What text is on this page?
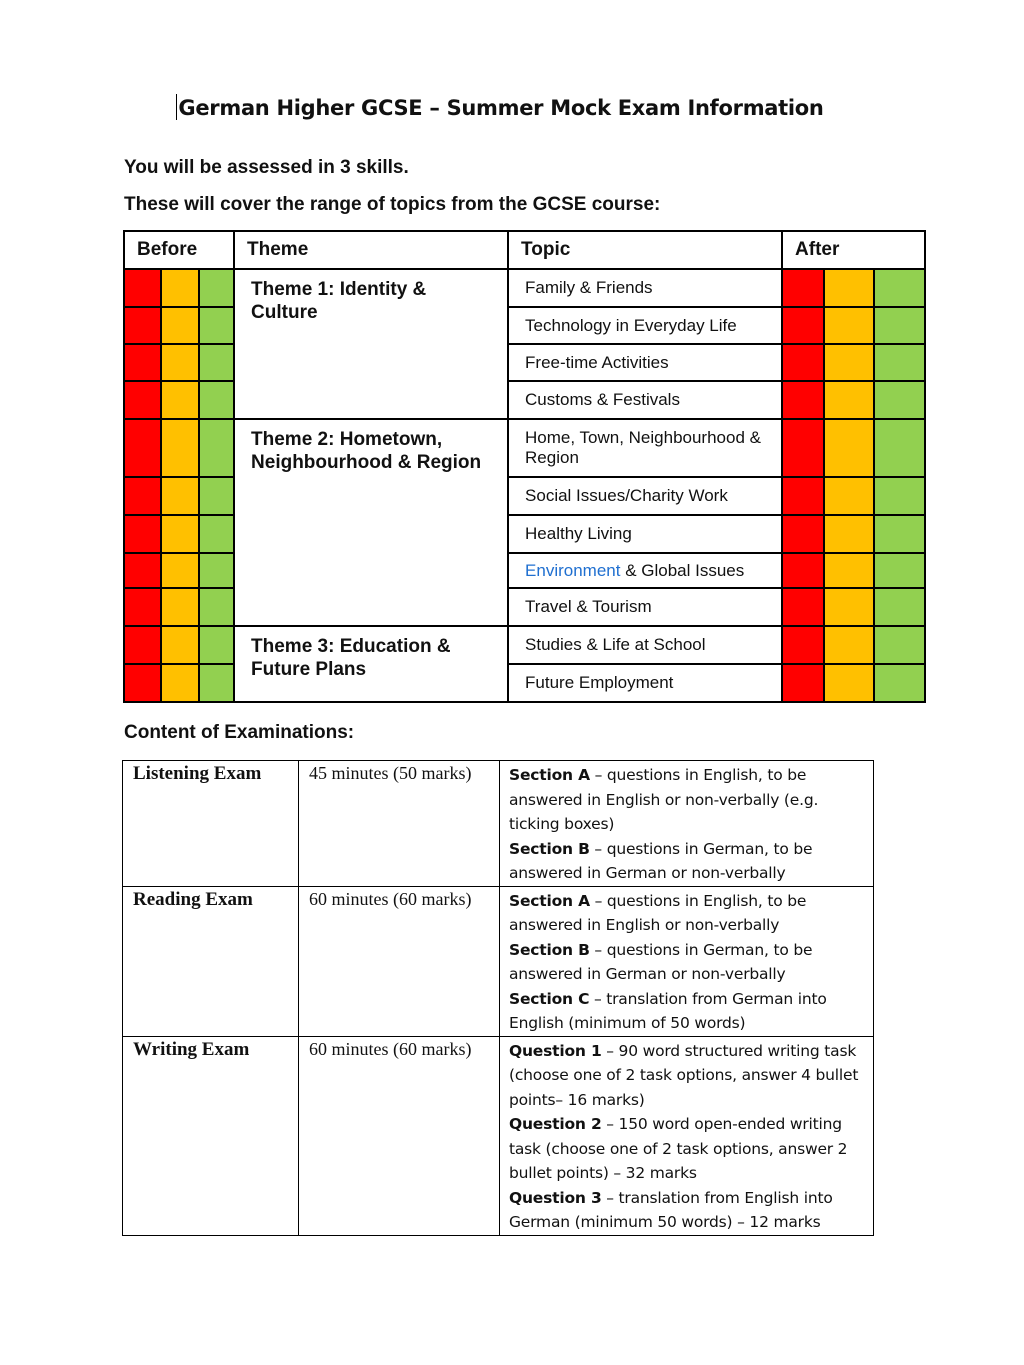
German Higher GCSE – Summer Mock Exam Information
You will be assessed in 3 skills.
These will cover the range of topics from the GCSE course:
Before			Theme	Topic	After		
			Theme 1: Identity & Culture	Family & Friends			
				Technology in Everyday Life			
				Free-time Activities			
				Customs & Festivals			
			Theme 2: Hometown, Neighbourhood & Region	Home, Town, Neighbourhood & Region			
				Social Issues/Charity Work			
				Healthy Living			
				Environment & Global Issues			
				Travel & Tourism			
			Theme 3: Education & Future Plans	Studies & Life at School			
				Future Employment			
Content of Examinations:
Listening Exam	45 minutes (50 marks)	Section A – questions in English, to be answered in English or non-verbally (e.g. ticking boxes)
Section B – questions in German, to be answered in German or non-verbally

Reading Exam	60 minutes (60 marks)	Section A – questions in English, to be answered in English or non-verbally
Section B – questions in German, to be answered in German or non-verbally
Section C – translation from German into English (minimum of 50 words)

Writing Exam	60 minutes (60 marks)	Question 1 – 90 word structured writing task (choose one of 2 task options, answer 4 bullet points– 16 marks)
Question 2 – 150 word open-ended writing task (choose one of 2 task options, answer 2 bullet points) – 32 marks
Question 3 – translation from English into German (minimum 50 words) – 12 marks
